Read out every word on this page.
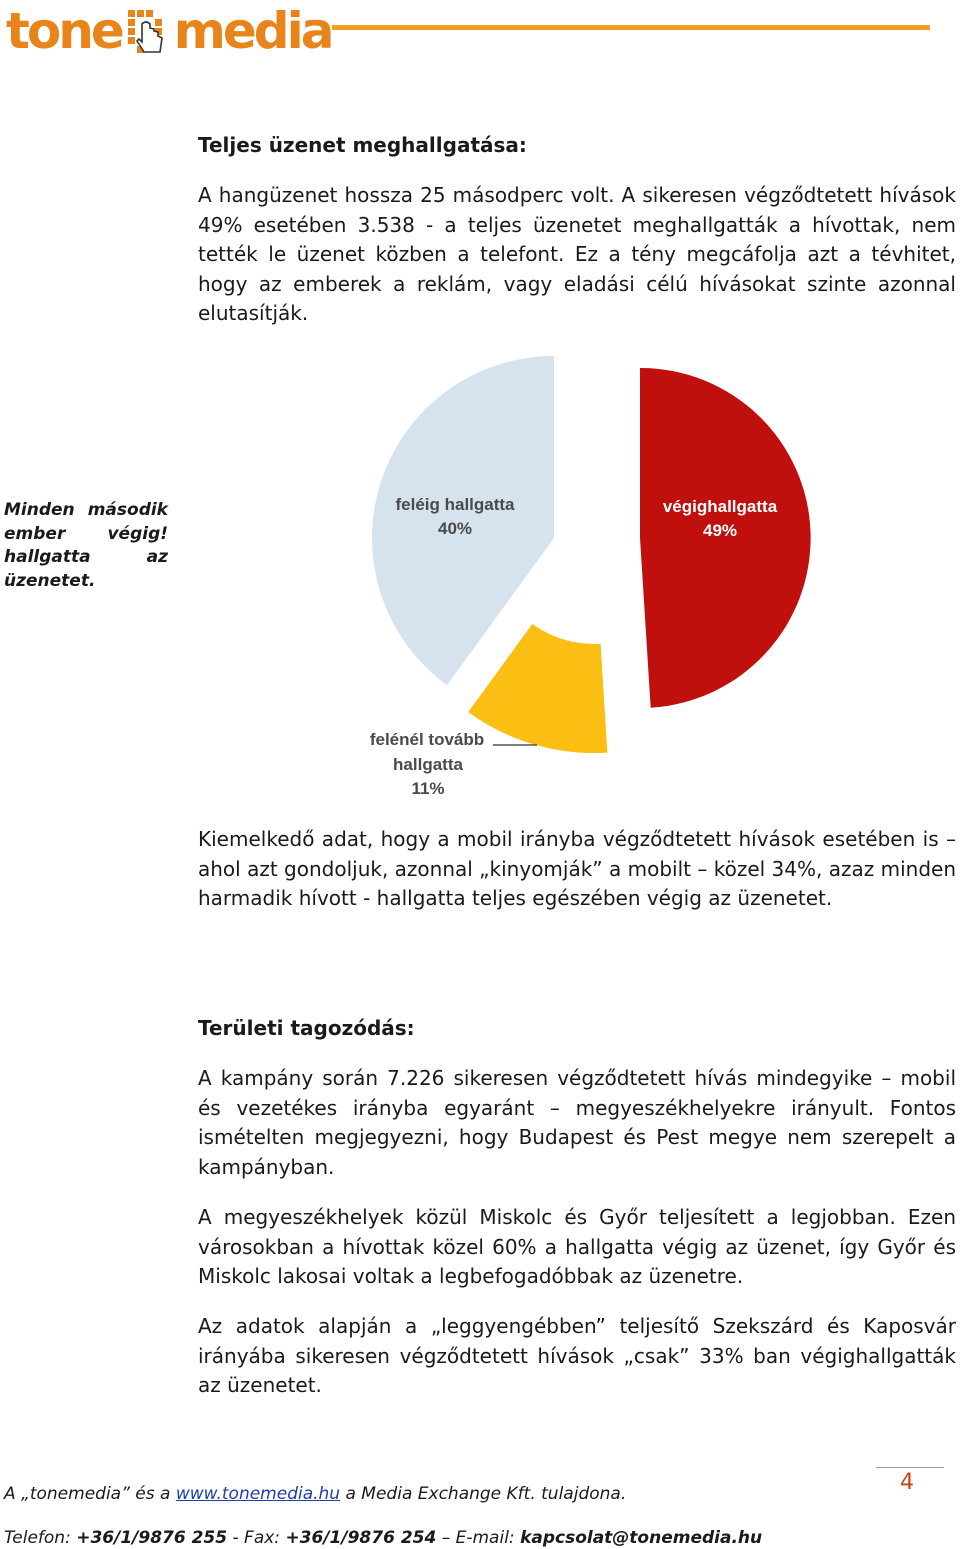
tone media
Teljes üzenet meghallgatása:

A hangüzenet hossza 25 másodperc volt. A sikeresen végződtetett hívások 49% esetében 3.538 - a teljes üzenetet meghallgatták a hívottak, nem tették le üzenet közben a telefont. Ez a tény megcáfolja azt a tévhitet, hogy az emberek a reklám, vagy eladási célú hívásokat szinte azonnal elutasítják.

Minden második ember végig! hallgatta az üzenetet.

feléig hallgatta
40%
végighallgatta
49%
felénél tovább
hallgatta
11%

Kiemelkedő adat, hogy a mobil irányba végződtetett hívások esetében is – ahol azt gondoljuk, azonnal „kinyomják” a mobilt – közel 34%, azaz minden harmadik hívott - hallgatta teljes egészében végig az üzenetet.

Területi tagozódás:

A kampány során 7.226 sikeresen végződtetett hívás mindegyike – mobil és vezetékes irányba egyaránt – megyeszékhelyekre irányult. Fontos ismételten megjegyezni, hogy Budapest és Pest megye nem szerepelt a kampányban.

A megyeszékhelyek közül Miskolc és Győr teljesített a legjobban. Ezen városokban a hívottak közel 60% a hallgatta végig az üzenet, így Győr és Miskolc lakosai voltak a legbefogadóbbak az üzenetre.

Az adatok alapján a „leggyengébben” teljesítő Szekszárd és Kaposvár irányába sikeresen végződtetett hívások „csak” 33% ban végighallgatták az üzenetet.

4

A „tonemedia” és a www.tonemedia.hu a Media Exchange Kft. tulajdona.

Telefon: +36/1/9876 255 - Fax: +36/1/9876 254 – E-mail: kapcsolat@tonemedia.hu
